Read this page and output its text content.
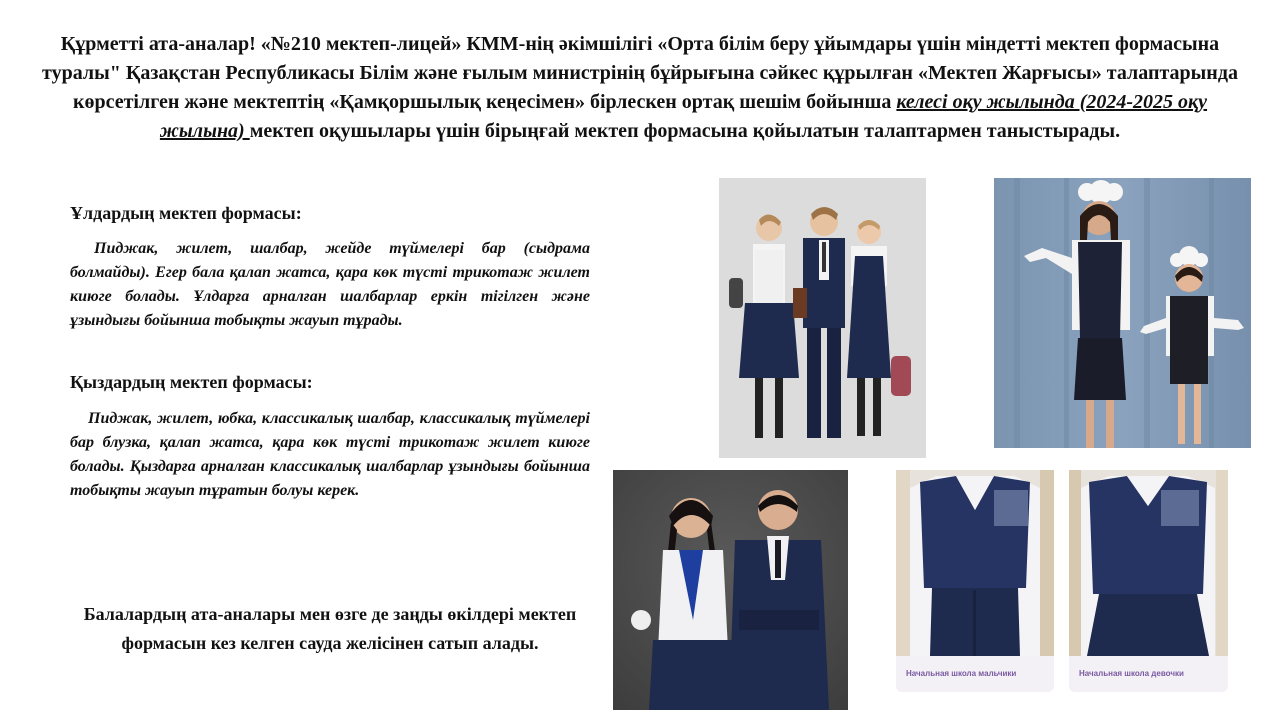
Құрметті ата-аналар! «№210 мектеп-лицей» КММ-нің әкімшілігі «Орта білім беру ұйымдары үшін міндетті мектеп формасына туралы" Қазақстан Республикасы Білім және ғылым министрінің бұйрығына сәйкес құрылған «Мектеп Жарғысы» талаптарында көрсетілген және мектептің «Қамқоршылық кеңесімен» бірлескен ортақ шешім бойынша келесі оқу жылында (2024-2025 оқу жылына) мектеп оқушылары үшін бірыңғай мектеп формасына қойылатын талаптармен таныстырады.
Ұлдардың мектеп формасы:
Пиджак, жилет, шалбар, жейде түймелері бар (сыдрама болмайды). Егер бала қалап жатса, қара көк түсті трикотаж жилет киюге болады. Ұлдарға арналған шалбарлар еркін тігілген және ұзындығы бойынша тобықты жауып тұрады.
Қыздардың мектеп формасы:
Пиджак, жилет, юбка, классикалық шалбар, классикалық түймелері бар блузка, қалап жатса, қара көк түсті трикотаж жилет киюге болады. Қыздарға арналған классикалық шалбарлар ұзындығы бойынша тобықты жауып тұратын болуы керек.
Балалардың ата-аналары мен өзге де заңды өкілдері мектеп формасын кез келген сауда желісінен сатып алады.
Начальная школа мальчики	Начальная школа девочки
